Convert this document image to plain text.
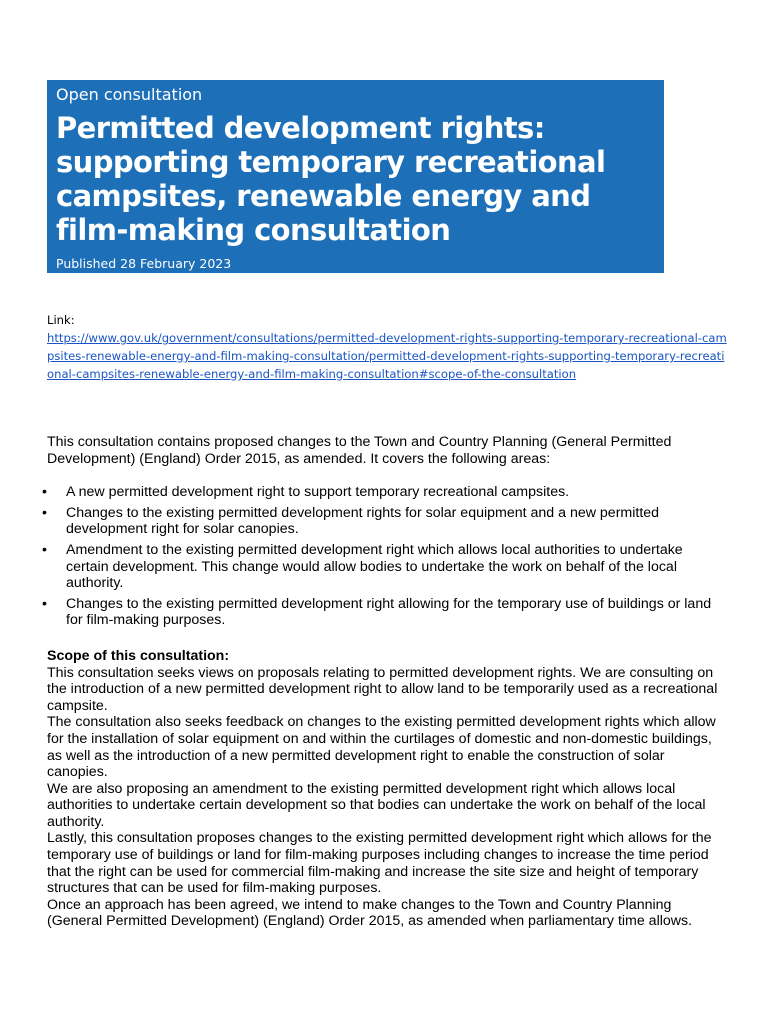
Open consultation
Permitted development rights: supporting temporary recreational campsites, renewable energy and film-making consultation
Published 28 February 2023
Link:
https://www.gov.uk/government/consultations/permitted-development-rights-supporting-temporary-recreational-campsites-renewable-energy-and-film-making-consultation/permitted-development-rights-supporting-temporary-recreational-campsites-renewable-energy-and-film-making-consultation#scope-of-the-consultation

This consultation contains proposed changes to the Town and Country Planning (General Permitted Development) (England) Order 2015, as amended. It covers the following areas:

• A new permitted development right to support temporary recreational campsites.
• Changes to the existing permitted development rights for solar equipment and a new permitted development right for solar canopies.
• Amendment to the existing permitted development right which allows local authorities to undertake certain development. This change would allow bodies to undertake the work on behalf of the local authority.
• Changes to the existing permitted development right allowing for the temporary use of buildings or land for film-making purposes.

Scope of this consultation:

This consultation seeks views on proposals relating to permitted development rights. We are consulting on the introduction of a new permitted development right to allow land to be temporarily used as a recreational campsite.

The consultation also seeks feedback on changes to the existing permitted development rights which allow for the installation of solar equipment on and within the curtilages of domestic and non-domestic buildings, as well as the introduction of a new permitted development right to enable the construction of solar canopies.

We are also proposing an amendment to the existing permitted development right which allows local authorities to undertake certain development so that bodies can undertake the work on behalf of the local authority.

Lastly, this consultation proposes changes to the existing permitted development right which allows for the temporary use of buildings or land for film-making purposes including changes to increase the time period that the right can be used for commercial film-making and increase the site size and height of temporary structures that can be used for film-making purposes.

Once an approach has been agreed, we intend to make changes to the Town and Country Planning (General Permitted Development) (England) Order 2015, as amended when parliamentary time allows.
